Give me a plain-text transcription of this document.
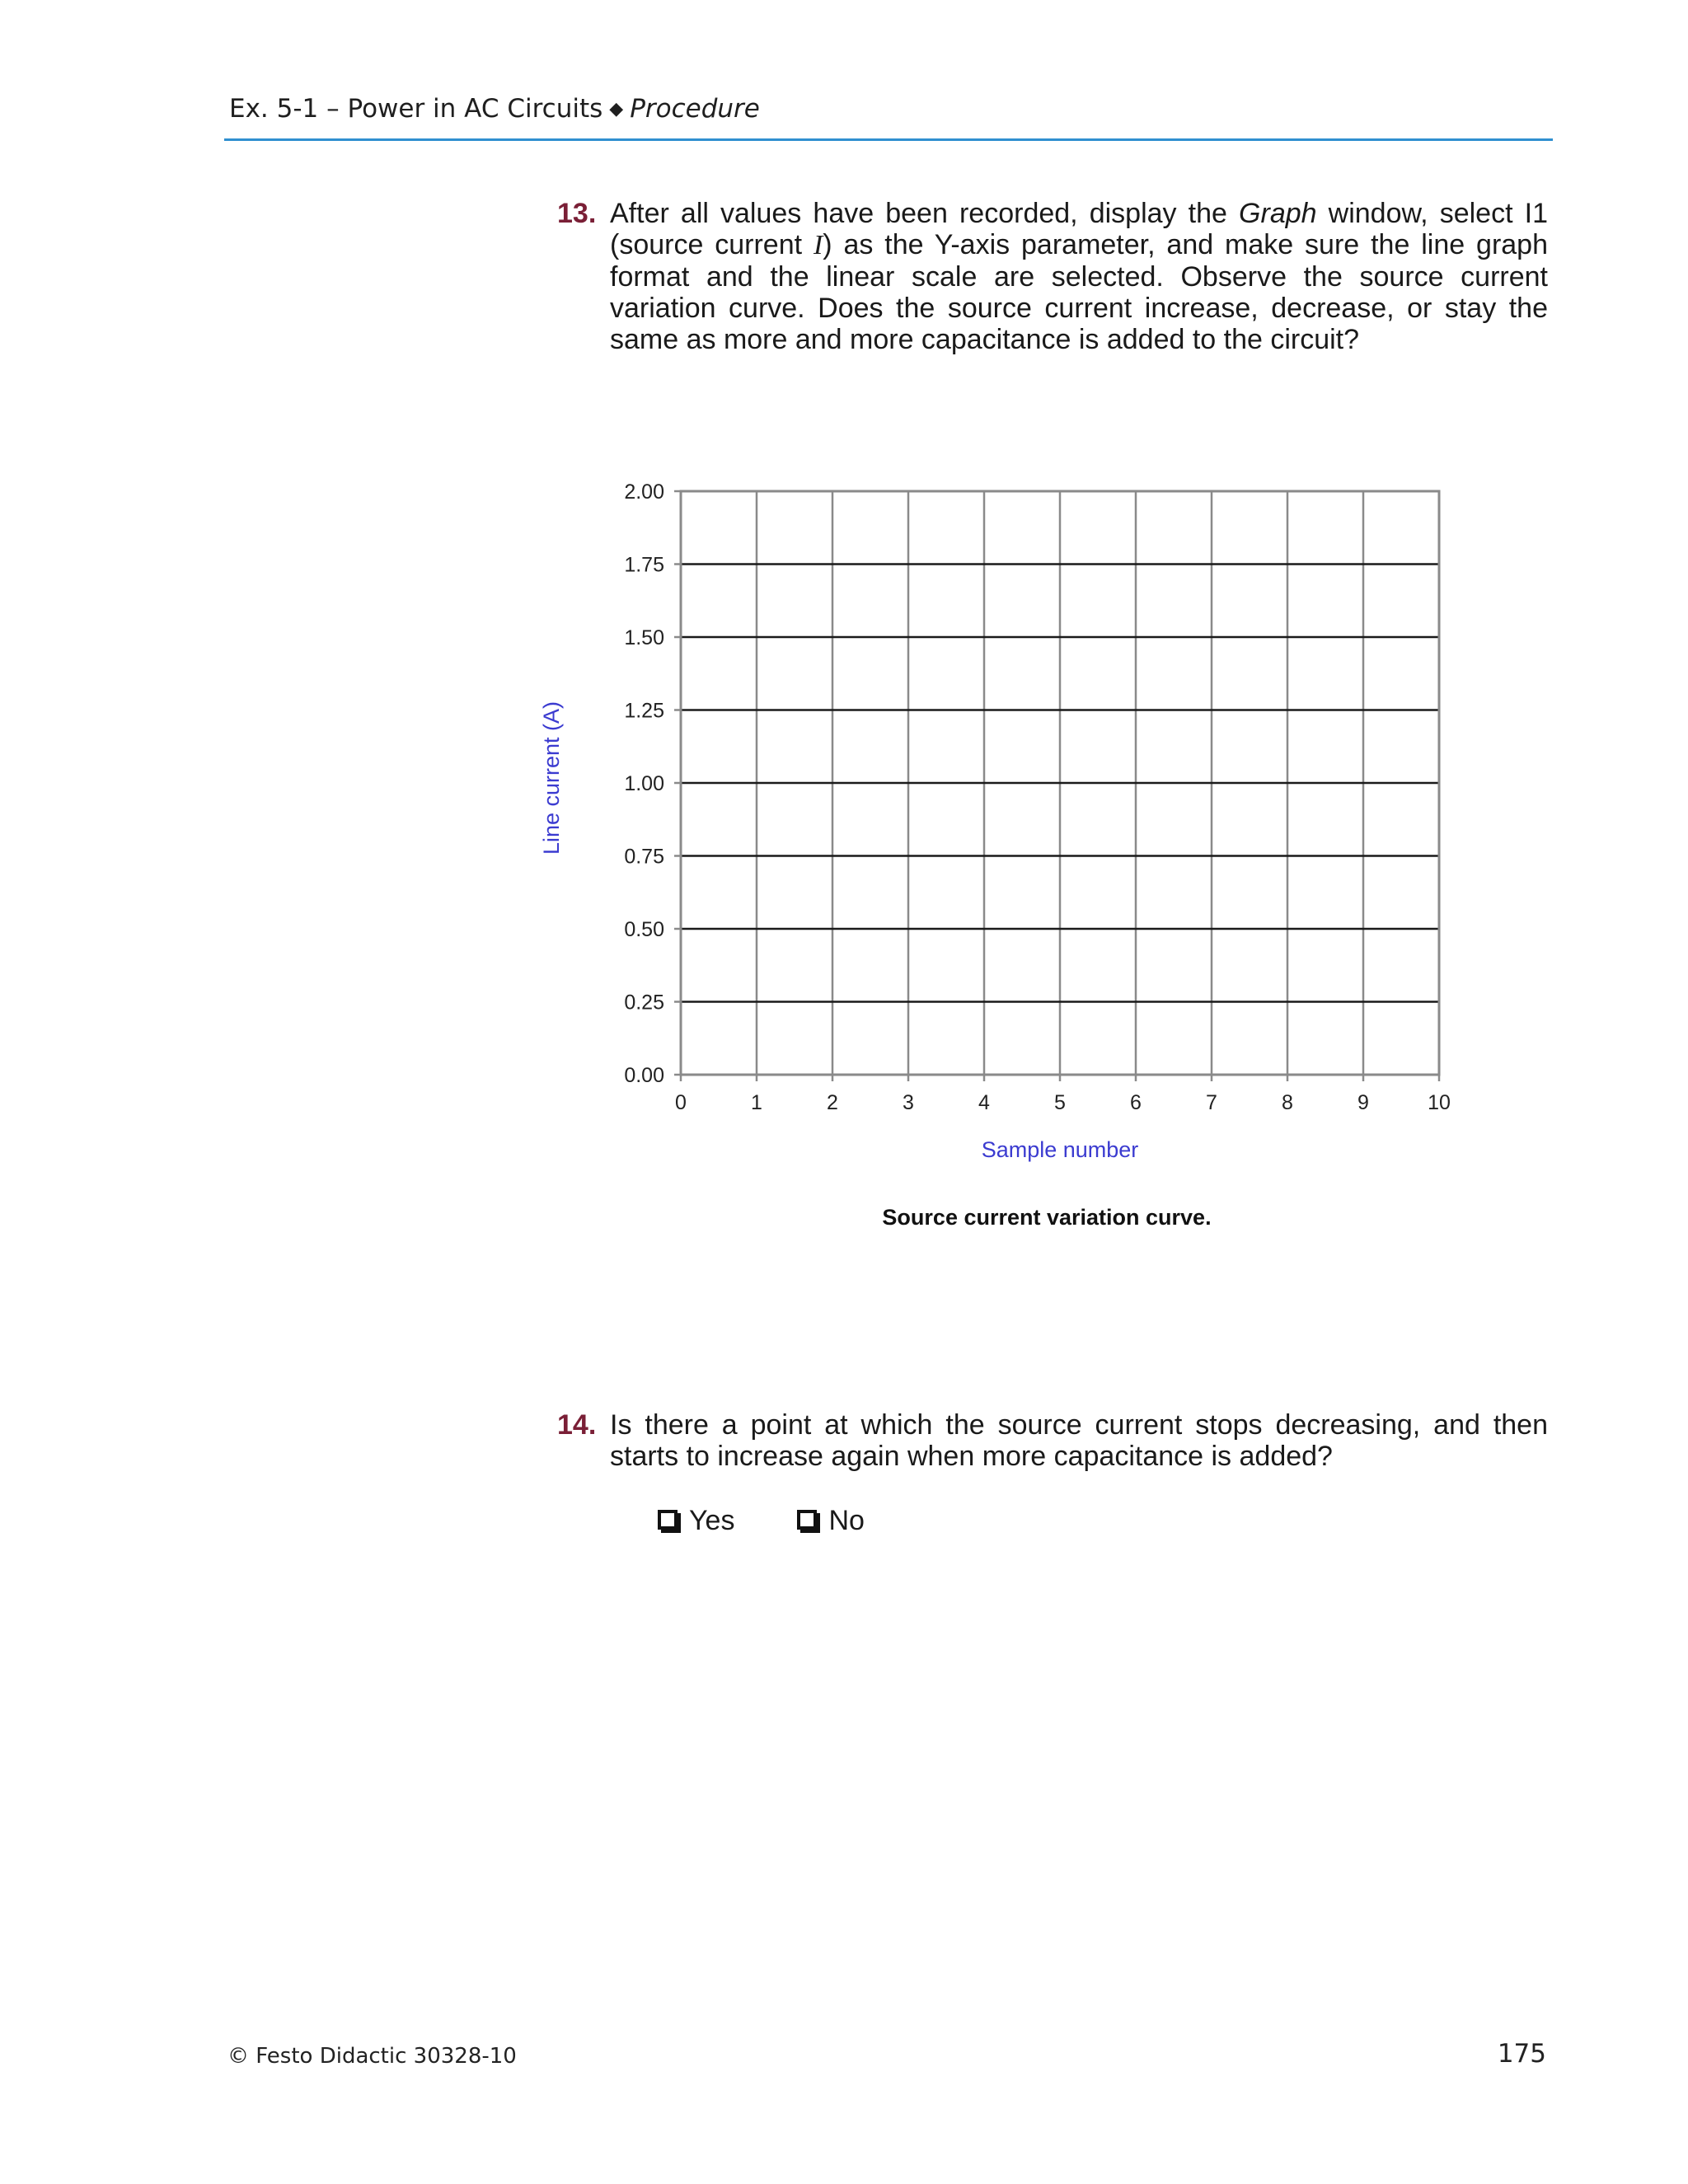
Ex. 5-1 – Power in AC Circuits ◆ Procedure
13. After all values have been recorded, display the Graph window, select I1 (source current I) as the Y-axis parameter, and make sure the line graph format and the linear scale are selected. Observe the source current variation curve. Does the source current increase, decrease, or stay the same as more and more capacitance is added to the circuit?
0.00
0.25
0.50
0.75
1.00
1.25
1.50
1.75
2.00
0	1	2	3	4	5	6	7	8	9	10
Sample number
Line current (A)
Source current variation curve.
14. Is there a point at which the source current stops decreasing, and then starts to increase again when more capacitance is added?
Yes	No
© Festo Didactic 30328-10	175
